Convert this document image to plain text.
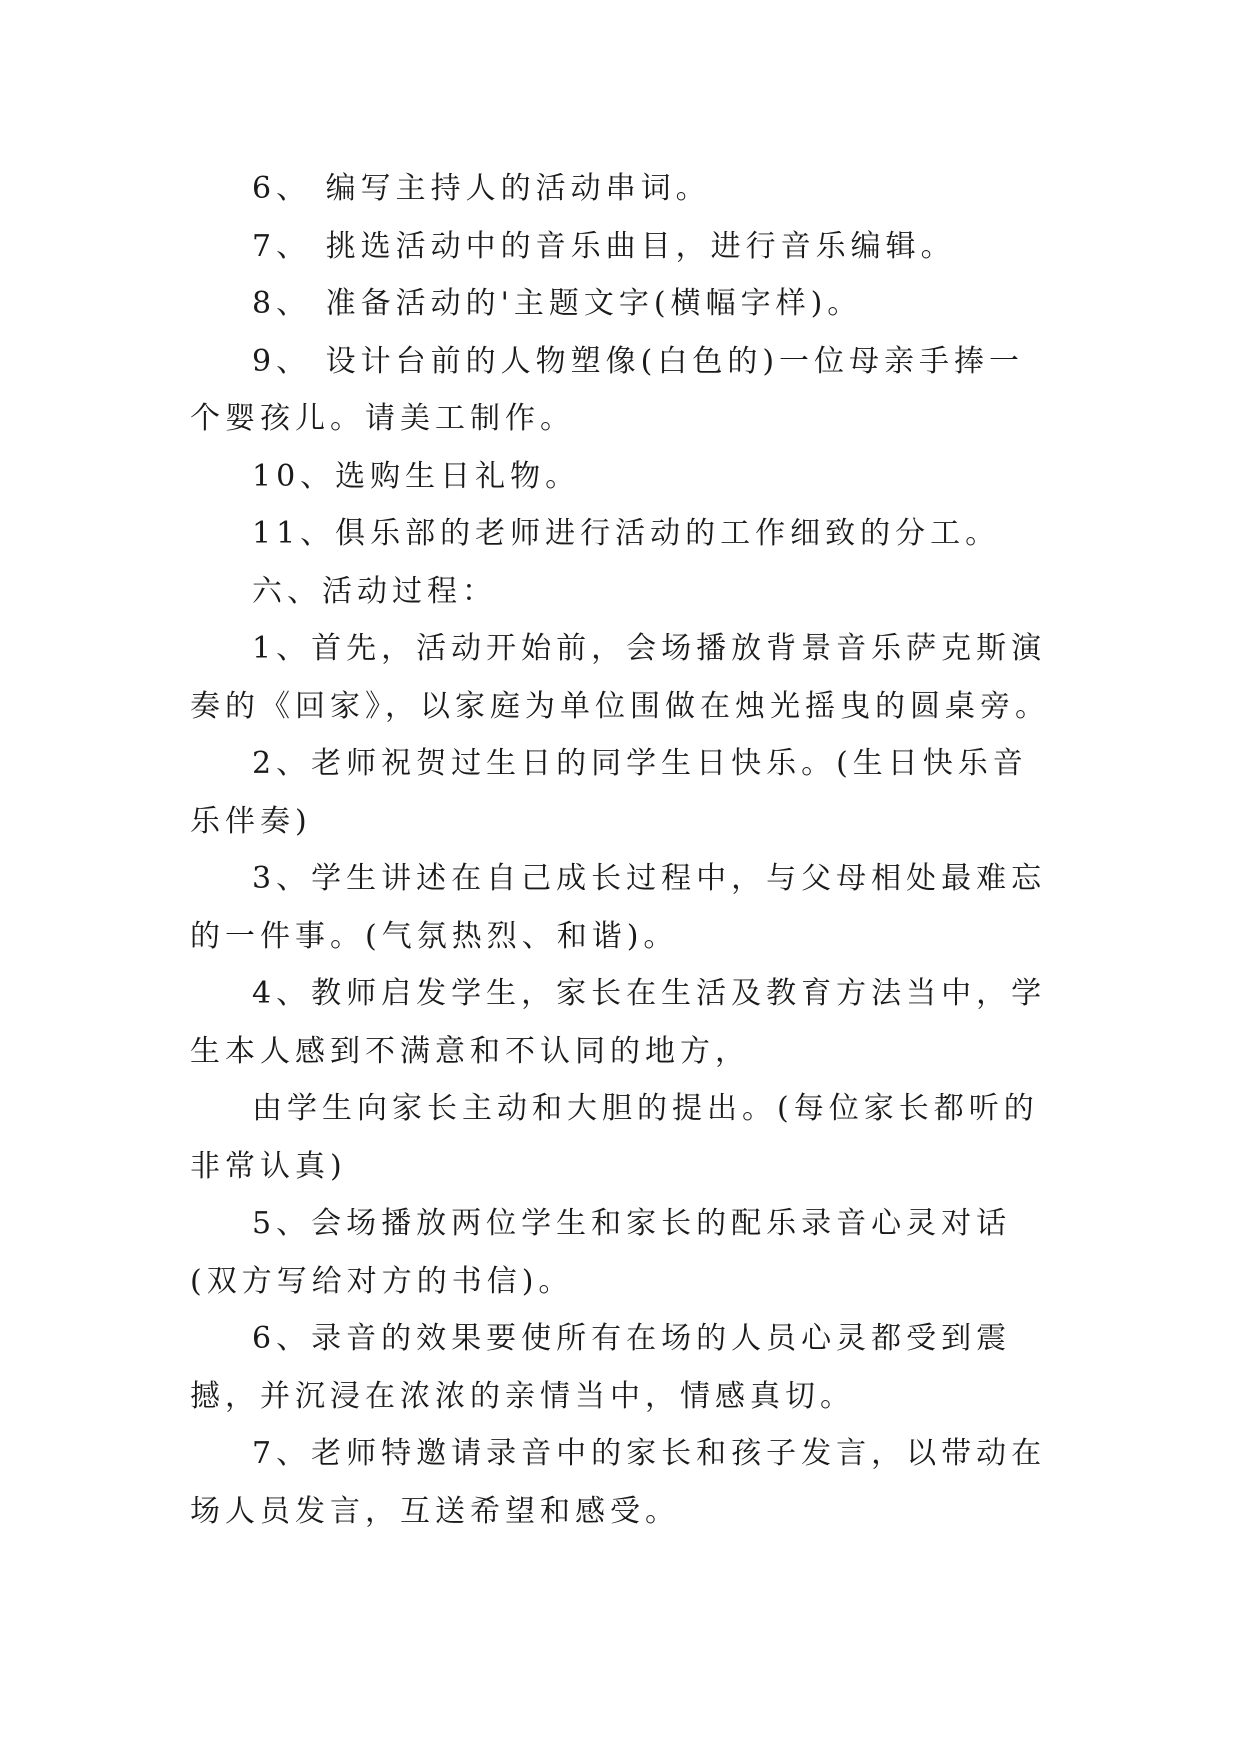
6、 编写主持人的活动串词。

7、 挑选活动中的音乐曲目，进行音乐编辑。

8、 准备活动的'主题文字(横幅字样)。

9、 设计台前的人物塑像(白色的)一位母亲手捧一个婴孩儿。请美工制作。

10、选购生日礼物。

11、俱乐部的老师进行活动的工作细致的分工。

六、活动过程：

1、首先，活动开始前，会场播放背景音乐萨克斯演奏的《回家》，以家庭为单位围做在烛光摇曳的圆桌旁。

2、老师祝贺过生日的同学生日快乐。(生日快乐音乐伴奏)

3、学生讲述在自己成长过程中，与父母相处最难忘的一件事。(气氛热烈、和谐)。

4、教师启发学生，家长在生活及教育方法当中，学生本人感到不满意和不认同的地方，

由学生向家长主动和大胆的提出。(每位家长都听的非常认真)

5、会场播放两位学生和家长的配乐录音心灵对话(双方写给对方的书信)。

6、录音的效果要使所有在场的人员心灵都受到震撼，并沉浸在浓浓的亲情当中，情感真切。

7、老师特邀请录音中的家长和孩子发言，以带动在场人员发言，互送希望和感受。
